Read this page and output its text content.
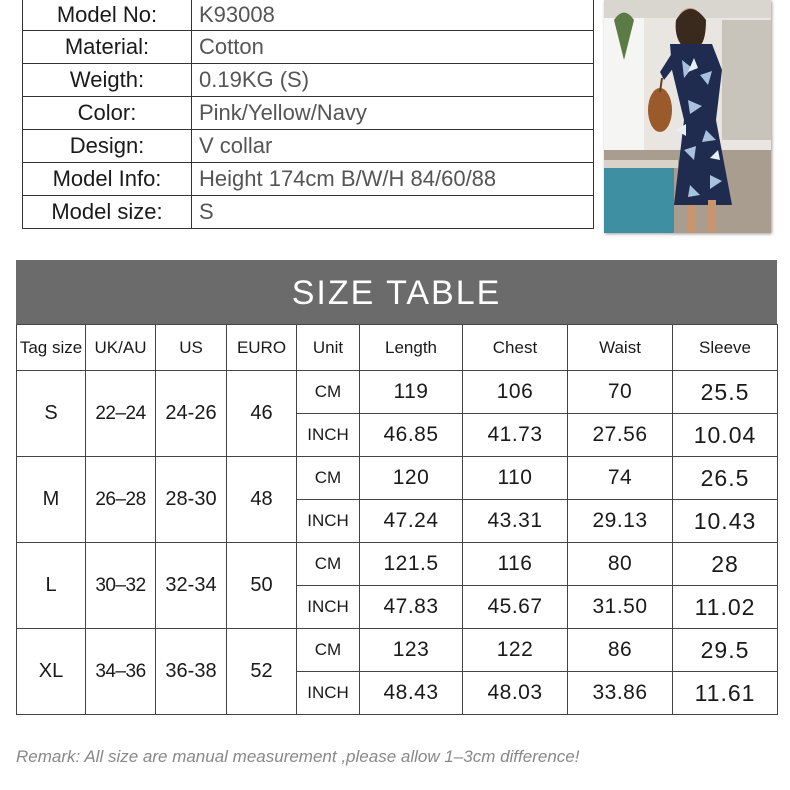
Model No:	K93008
Material:	Cotton
Weigth:	0.19KG (S)
Color:	Pink/Yellow/Navy
Design:	V collar
Model Info:	Height 174cm B/W/H 84/60/88
Model size:	S
SIZE TABLE
Tag size	UK/AU	US	EURO	Unit	Length	Chest	Waist	Sleeve
S	22–24	24-26	46	CM	119	106	70	25.5
				INCH	46.85	41.73	27.56	10.04
M	26–28	28-30	48	CM	120	110	74	26.5
				INCH	47.24	43.31	29.13	10.43
L	30–32	32-34	50	CM	121.5	116	80	28
				INCH	47.83	45.67	31.50	11.02
XL	34–36	36-38	52	CM	123	122	86	29.5
				INCH	48.43	48.03	33.86	11.61
Remark: All size are manual measurement ,please allow 1–3cm difference!
